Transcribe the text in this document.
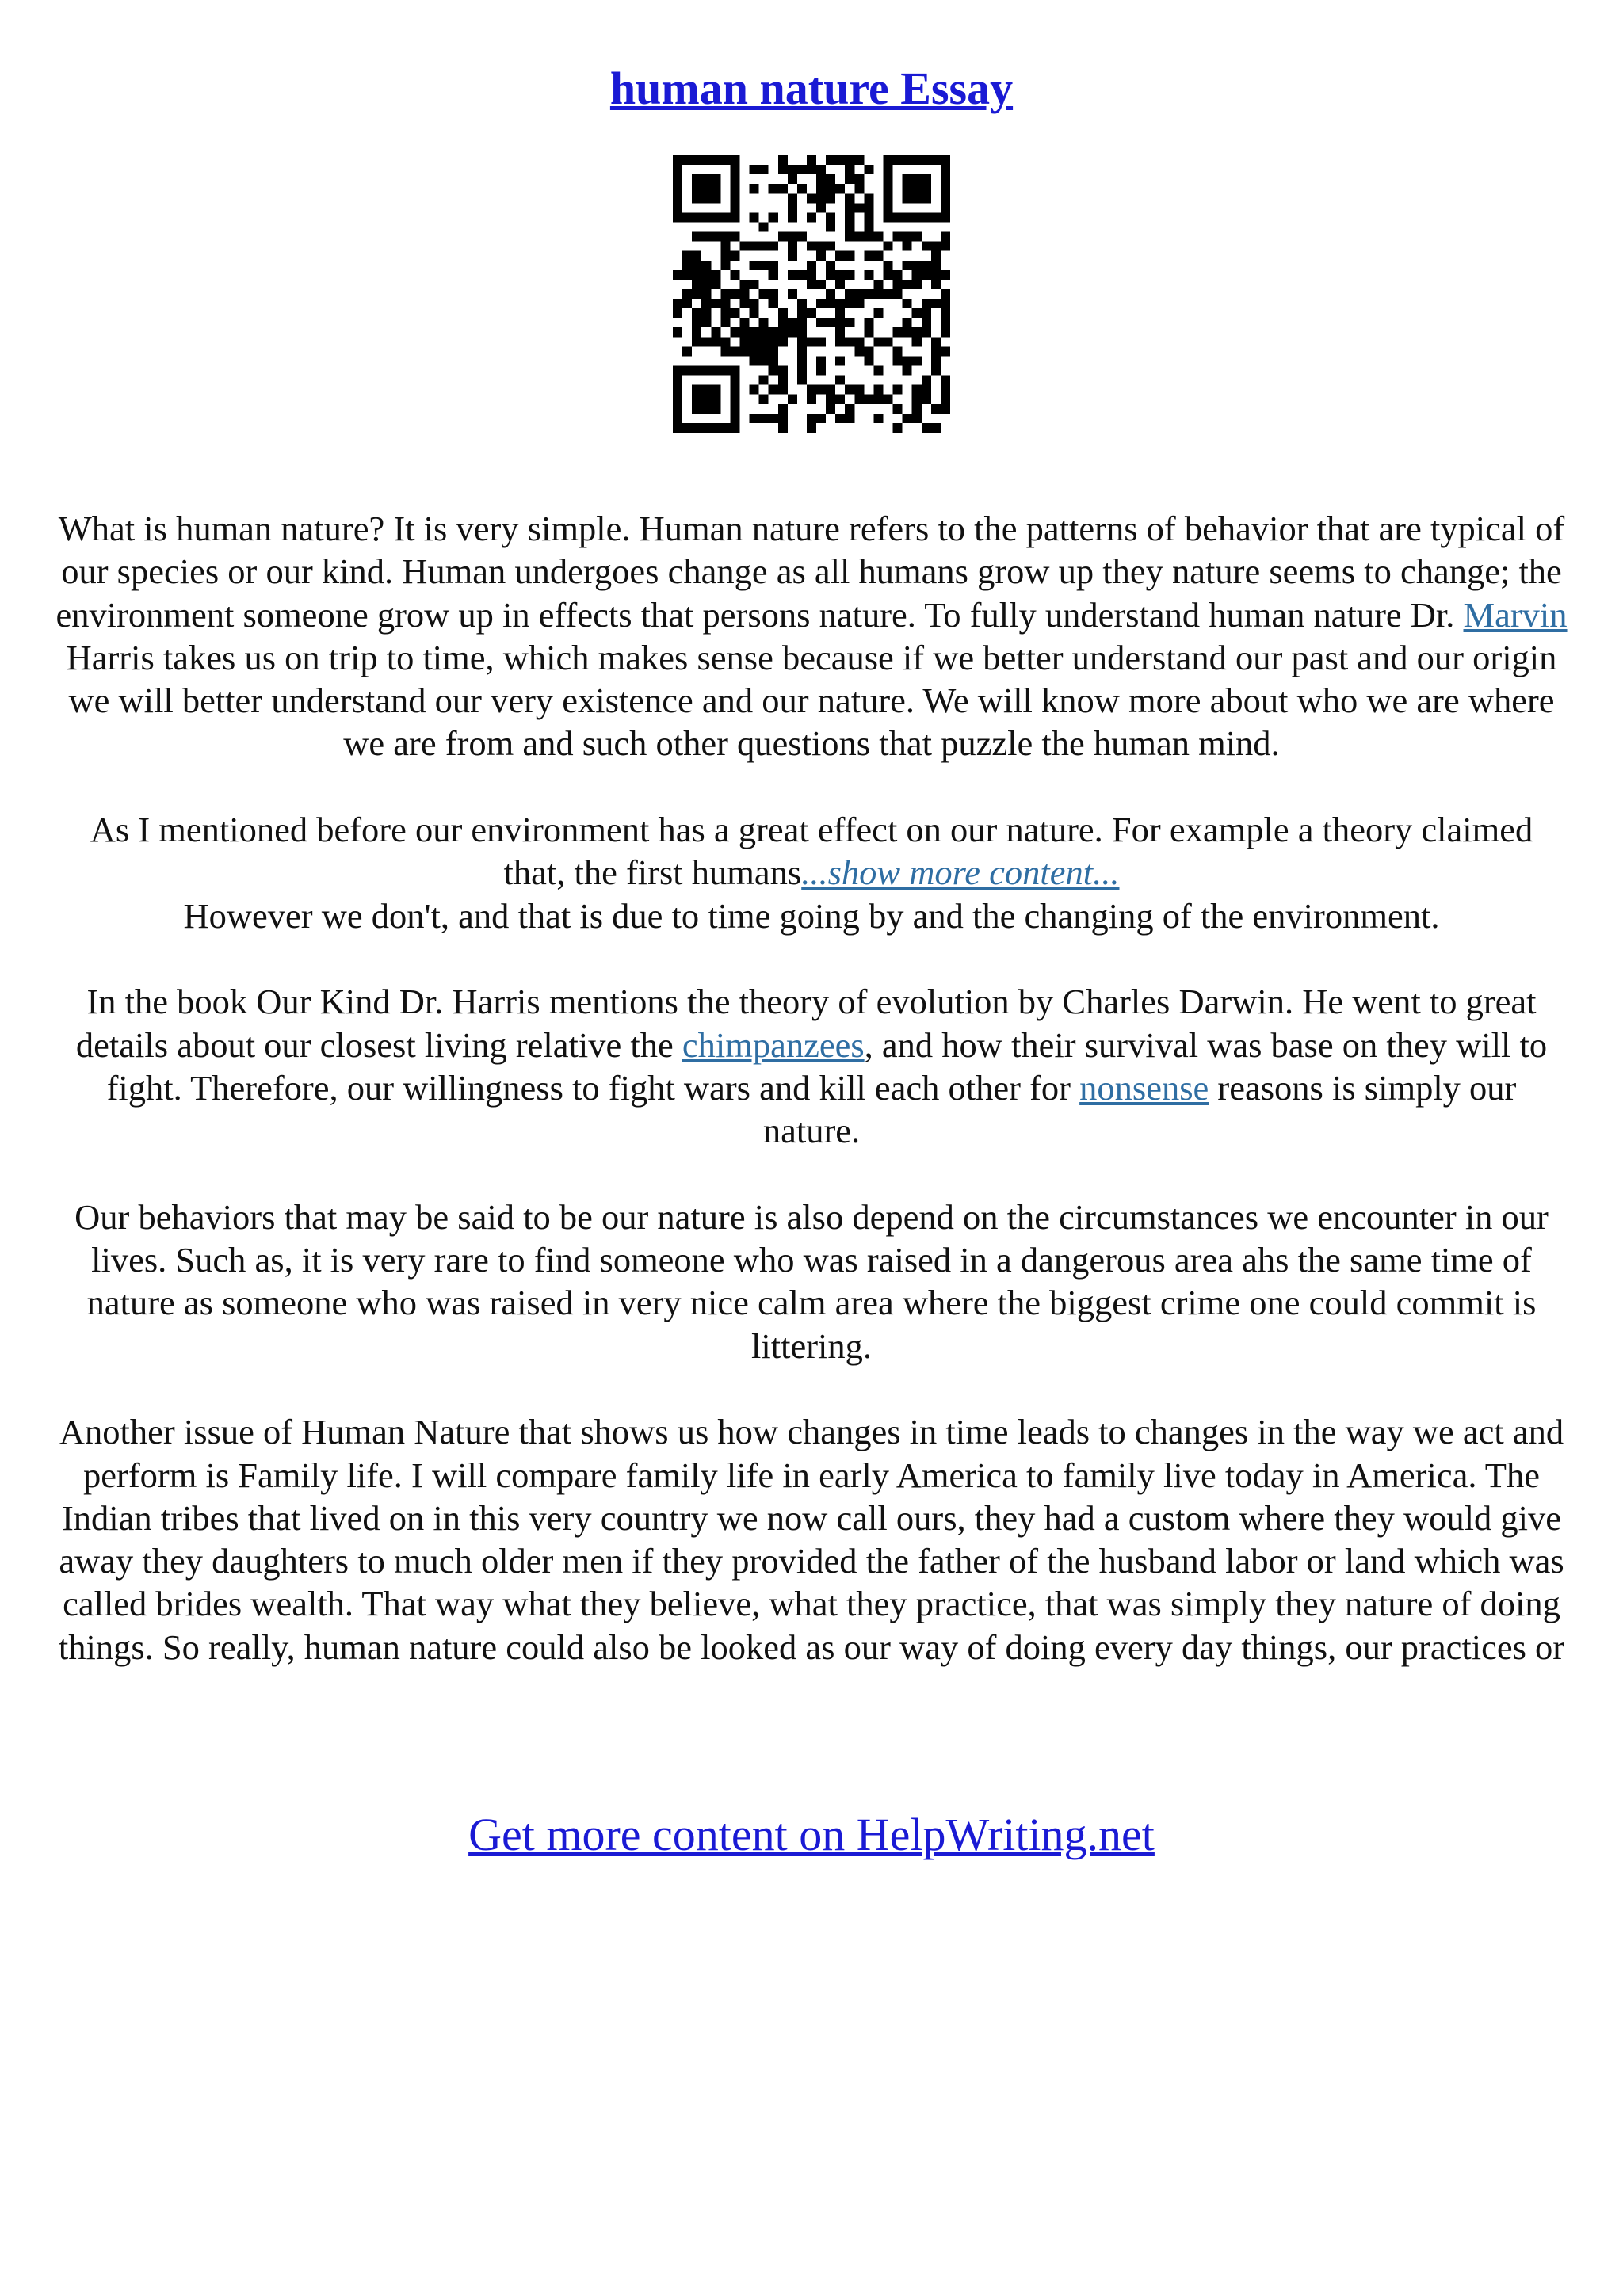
human nature Essay

What is human nature? It is very simple. Human nature refers to the patterns of behavior that are typical of our species or our kind. Human undergoes change as all humans grow up they nature seems to change; the environment someone grow up in effects that persons nature. To fully understand human nature Dr. Marvin Harris takes us on trip to time, which makes sense because if we better understand our past and our origin we will better understand our very existence and our nature. We will know more about who we are where we are from and such other questions that puzzle the human mind.

As I mentioned before our environment has a great effect on our nature. For example a theory claimed that, the first humans...show more content...
However we don't, and that is due to time going by and the changing of the environment.

In the book Our Kind Dr. Harris mentions the theory of evolution by Charles Darwin. He went to great details about our closest living relative the chimpanzees, and how their survival was base on they will to fight. Therefore, our willingness to fight wars and kill each other for nonsense reasons is simply our nature.

Our behaviors that may be said to be our nature is also depend on the circumstances we encounter in our lives. Such as, it is very rare to find someone who was raised in a dangerous area ahs the same time of nature as someone who was raised in very nice calm area where the biggest crime one could commit is littering.

Another issue of Human Nature that shows us how changes in time leads to changes in the way we act and perform is Family life. I will compare family life in early America to family live today in America. The Indian tribes that lived on in this very country we now call ours, they had a custom where they would give away they daughters to much older men if they provided the father of the husband labor or land which was called brides wealth. That way what they believe, what they practice, that was simply they nature of doing things. So really, human nature could also be looked as our way of doing every day things, our practices or

Get more content on HelpWriting.net
